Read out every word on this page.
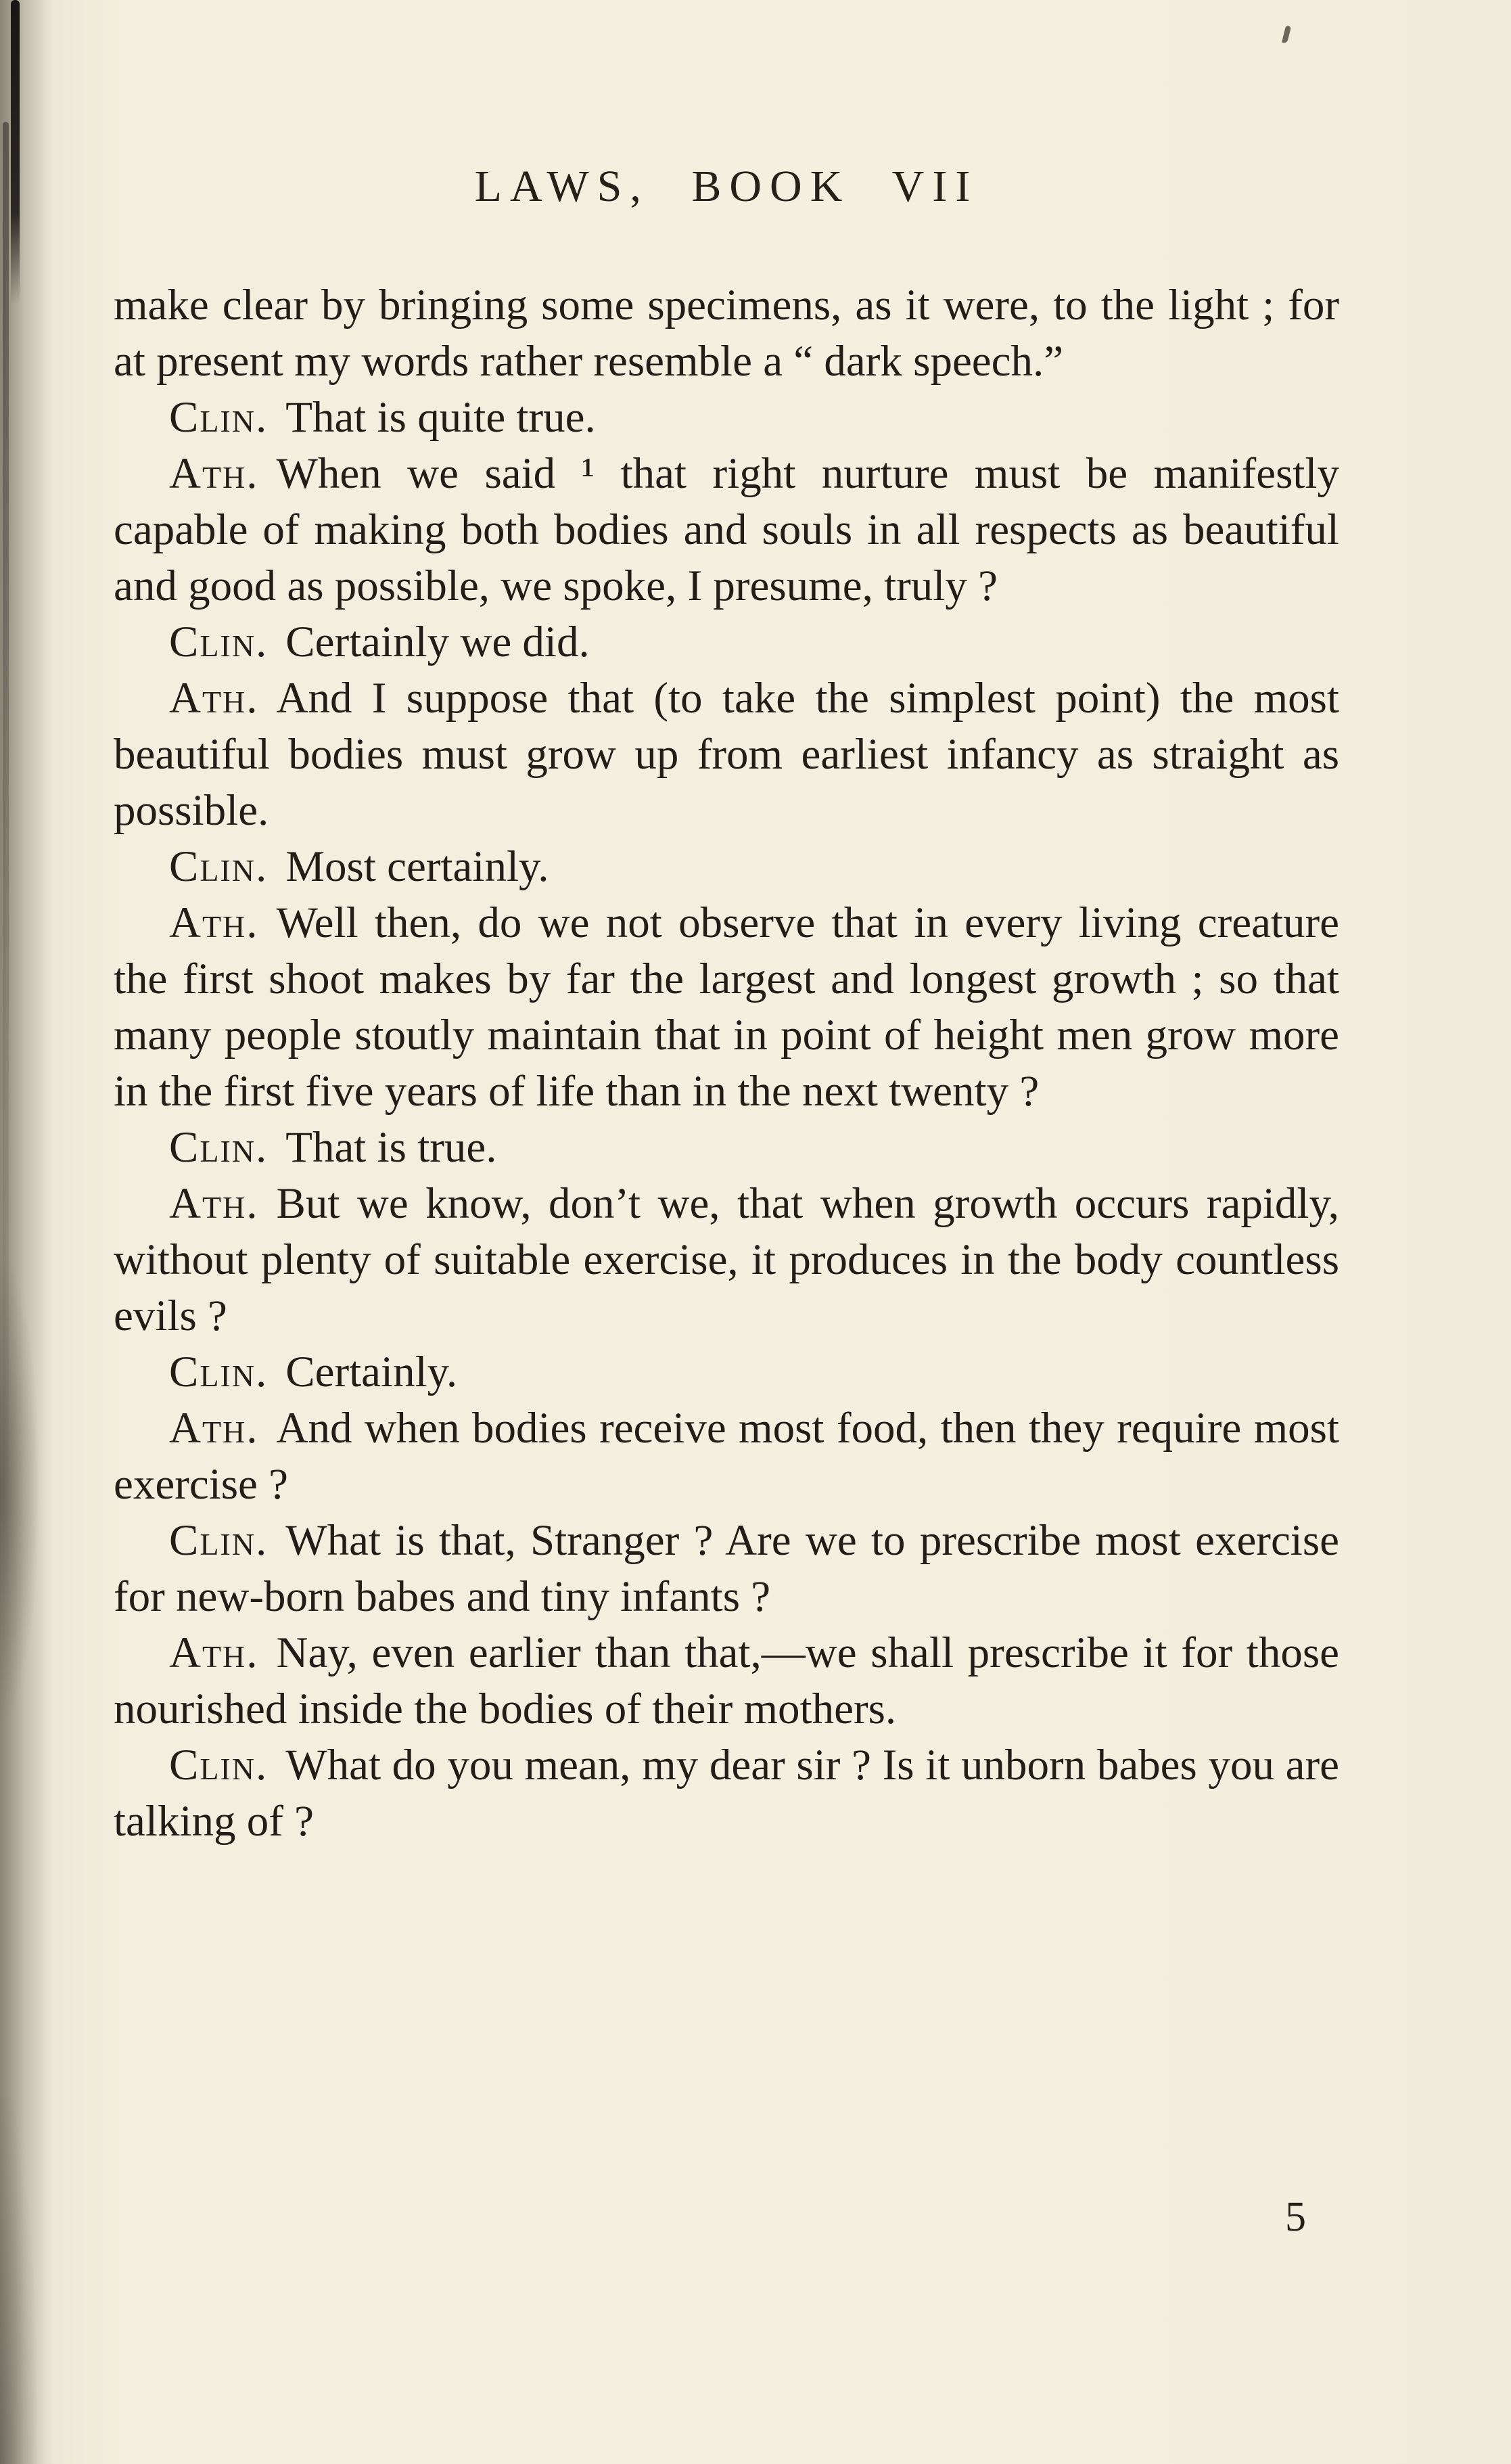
LAWS, BOOK VII

make clear by bringing some specimens, as it were, to the light ; for at present my words rather resemble a “ dark speech.”

Clin. That is quite true.

Ath. When we said ¹ that right nurture must be manifestly capable of making both bodies and souls in all respects as beautiful and good as possible, we spoke, I presume, truly ?

Clin. Certainly we did.

Ath. And I suppose that (to take the simplest point) the most beautiful bodies must grow up from earliest infancy as straight as possible.

Clin. Most certainly.

Ath. Well then, do we not observe that in every living creature the first shoot makes by far the largest and longest growth ; so that many people stoutly maintain that in point of height men grow more in the first five years of life than in the next twenty ?

Clin. That is true.

Ath. But we know, don’t we, that when growth occurs rapidly, without plenty of suitable exercise, it produces in the body countless evils ?

Clin. Certainly.

Ath. And when bodies receive most food, then they require most exercise ?

Clin. What is that, Stranger ? Are we to prescribe most exercise for new-born babes and tiny infants ?

Ath. Nay, even earlier than that,—we shall prescribe it for those nourished inside the bodies of their mothers.

Clin. What do you mean, my dear sir ? Is it unborn babes you are talking of ?

5
